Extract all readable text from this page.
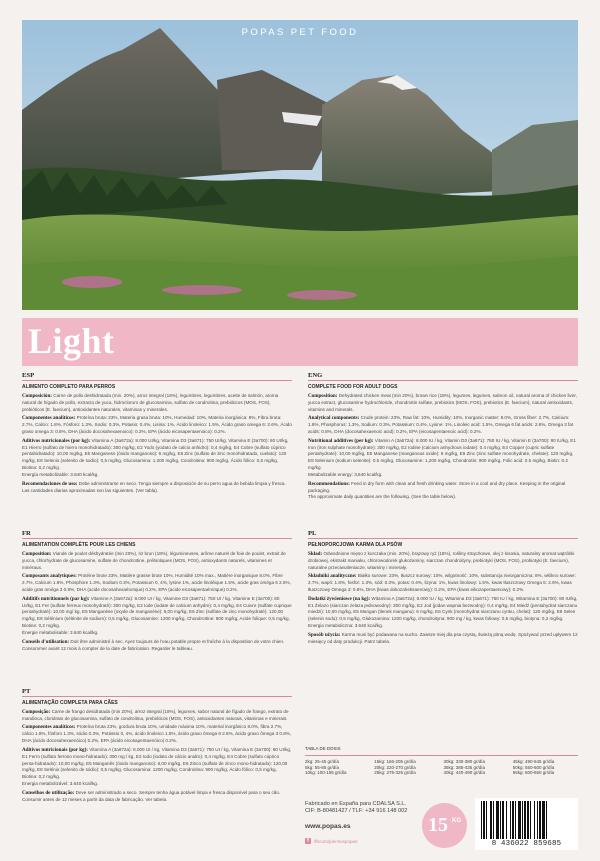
POPAS PET FOOD
Light
ESP
ALIMENTO COMPLETO PARA PERROS

Composición: Carne de pollo deshidratada (min. 20%), arroz integral (18%), legumbres, legumbres, aceite de salmón, aroma natural de hígado de pollo, extracto de yuca, hidrocloruro de glucosamina, sulfato de condroitina, prebióticos (MOS, FOS), prebióticos (E. faecium), antioxidantes naturales, vitaminas y minerales.

Componentes analíticos: Proteína bruta: 23%, Materia grasa bruta: 10%, Humedad: 10%, Materia inorgánica: 8%, Fibra bruta: 2.7%, Calcio: 1.8%, Fósforo: 1.3%, Sodio: 0.3%, Potasio: 0.4%, Lisina: 1%, Ácido linoleico: 1.5%, Ácido graso omega 6: 2.6%, Ácido graso omega 3: 0.8%, DHA (ácido docosahexaenoico): 0.2%, EPA (ácido eicosapentaenoico): 0.2%.

Aditivos nutricionales (por kg): Vitamina A (3a672a): 8.000 UI/kg, Vitamina D3 (3a671): 750 UI/kg, Vitamina E (3a700): 80 UI/kg, E1 Hierro (sulfato de hierro monohidratado): 300 mg/kg, E2 Yodo (yodato de calcio anhidro): 0,4 mg/kg, E4 Cobre (sulfato cúprico pentahidratado): 10,00 mg/kg, E5 Manganeso (óxido manganoso): 6 mg/kg, E6 Zinc (sulfato de zinc monohidratado, cuelato): 120 mg/kg, E8 Selenio (selenito de sodio): 0,5 mg/kg, Glucosamina: 1.200 mg/kg, Condroitina: 900 mg/kg, Ácido fólico: 0,5 mg/kg, Biotina: 0,2 mg/kg.
Energía metabolizable: 3.640 kcal/kg.

Recomendaciones de uso: Debe administrarse en seco. Tenga siempre a disposición de su perro agua de bebida limpia y fresca. Las cantidades diarias aproximadas son las siguientes. (Ver tabla).

ENG
COMPLETE FOOD FOR ADULT DOGS

Composition: Dehydrated chicken meat (min 20%), brown rice (18%), legumes, legumes, salmon oil, natural aroma of chicken liver, yucca extract, glucosamine hydrochloride, chondroitin sulfate, prebiotics (MOS, FOS), prebiotics (E. faecium), natural antioxidants, vitamins and minerals.

Analytical components: Crude protein: 23%, Raw fat: 10%, Humidity: 10%, Inorganic matter: 8.0%, Gross fiber: 2.7%, Calcium: 1.8%, Phosphorus: 1.3%, Sodium: 0.3%, Potassium: 0.4%, Lysine: 1%, Linoleic acid: 1.5%, Omega 6 fat acids: 2.6%, Omega 3 fat acids: 0.8%, DHA (docosahexaenoic acid): 0.2%, EPA (eicosapentaenoic acid): 0.2%.

Nutritional additives (per kg): Vitamin A (3a672a): 8.000 IU / kg, Vitamin D3 (3a671): 750 IU / kg, Vitamin E (3a700): 80 IU/kg, E1 Iron (iron sulphate monohydrate): 300 mg/kg, E2 Iodine (calcium anhydrous iodate): 0.4 mg/kg, E4 Copper (cupric sulfate pentahydrate): 10,00 mg/kg, E5 Manganese (manganous oxide): 6 mg/kg, E6 Zinc (zinc sulfate monohydrate, chelate): 120 mg/kg, E8 Selenium (sodium selenite): 0.5 mg/kg, Glucosamine: 1,200 mg/kg, Chondroitin: 900 mg/kg, Folic acid: 0.5 mg/kg, Biotin: 0.2 mg/kg.
Metabolizable energy: 3,640 kcal/kg.

Recommendations: Feed in dry form with clean and fresh drinking water. Store in a cool and dry place. Keeping in the original packaging.
The approximate daily quantities are the following. (See the table below).

FR
ALIMENTATION COMPLÈTE POUR LES CHIENS

Composition: Viande de poulet déshydratée (min 20%), riz brun (18%), légumineuses, arôme naturel de foie de poulet, extrait de yucca, chlorhydrate de glucosamine, sulfate de chondroïtine, prébiotiques (MOS, FOS), antioxydants naturels, vitamines et minéraux.

Composants analytiques: Protéine brute 23%, Matière grasse brute 10%, Humidité 10% max., Matière inorganique 8.0%, Fibre 2.7%, Calcium 1.8%, Phosphore 1.3%, Sodium 0.3%, Potassium 0, 4%, lysine 1%, acide linoléique 1.5%, acide gras oméga 6 2.6%, acide gras oméga 3 0.8%, DHA (acide docosahexaénoïque) 0.2%, EPA (acide eicosapentaénoïque) 0.2%.

Additifs nutritionnels (par kg): Vitamine A (3a672a): 8.000 UI / kg, Vitamine D3 (3a671): 750 UI / kg, Vitamine E (3a700): 80 UI/kg, E1 Fer (sulfate ferreux monohydraté): 300 mg/kg, E2 Iode (iodate de calcium anhydre): 0,4 mg/kg, E4 Cuivre (sulfate cuprique pentahydraté): 10,00 mg/ kg, E5 Manganèse (oxyde de manganèse): 6,00 mg/kg, E6 Zinc (sulfate de zinc monohydraté): 120,00 mg/kg, E8 Sélénium (sélénite de sodium): 0,5 mg/kg, Glucosamine: 1200 mg/kg, Chondroïtine: 900 mg/kg, Acide folique: 0,5 mg/kg, Biotine: 0,2 mg/kg.
Énergie métabolisable: 3.640 kcal/kg.

Conseils d'utilisation: Doit être administré à sec. Ayez toujours de l'eau potable propre et fraîche à la disposition de votre chien. Consommer avant 12 mois à compter de la date de fabrication. Regarder le tableau.

PL
PEŁNOPORCJOWA KARMA DLA PSÓW

Skład: Odwodnione mięso z kurczaka (min. 20%), brązowy ryż (18%), rośliny strączkowe, olej z łososia, naturalny aromat wątróbki drobiowej, ekstrakt maniaku, chlorowodorek glukozaminy, siarczan chondroityny, prebiotyki (MOS, FOS), probiotyki (E. faecium), naturalne przeciwutleniacze, witaminy i minerały.

Składniki analityczne: Białko surowe: 23%, tłuszcz surowy: 10%, wilgotność: 10%, substancja nieorganiczna: 8%, włókno surowe: 2.7%, wapń: 1.8%, fosfor: 1.3%, sód: 0.3%, potas: 0.4%, lizyna: 1%, kwas linolowy: 1.5%, kwas tłuszczowy Omega 6: 2.6%, kwas tłuszczowy Omega 3: 0.8%, DHA (kwas dokozaheksaenowy): 0.2%, EPA (kwas eikozapentaenowy): 0.2%.

Dodatki żywieniowe (na kg): Witamina A (3a672a): 8.000 IU / kg, Witamina D3 (3a671): 750 IU / kg, Witamina E (3a700): 80 IU/kg, E1 Żelazo (siarczan żelaza jednowodny): 300 mg/kg, E2 Jod (jodan wapnia bezwodny): 0,4 mg/kg, E4 Miedź (pentahydrat siarczanu miedzi): 10,00 mg/kg, E5 Mangan (tlenek manganu): 6 mg/kg, E6 Cynk (monohydrat siarczanu cynku, chelat): 120 mg/kg, E8 Selen (selenin sodu): 0,5 mg/kg, Glukozamina: 1200 mg/kg, chondroityna: 900 mg / kg, kwas foliowy: 0,5 mg/kg, biotyna: 0,2 mg/kg.
Energia metaboliczna: 3.640 kcal/kg.

Sposób użycia: Karma musi być podawana na sucho. Zawsze miej dla psa czystą, świeżą pitną wodę. Spożywać przed upływem 12 miesięcy od daty produkcji. Patrz tabela.

PT
ALIMENTAÇÃO COMPLETA PARA CÃES

Composição: Carne de frango desidratada (min 20%), arroz integral (18%), legumes, sabor natural de fígado de frango, extrato de mandioca, cloridrato de glucosamina, sulfato de condroitina, prebióticos (MOS, FOS), antioxidantes naturais, vitaminas e minerais.

Componentes analíticos: Proteína bruta 23%, gordura bruta 10%, umidade máxima 10%, material inorgânico 8.0%, fibra 2.7%, cálcio 1.8%, fósforo 1.3%, sódio 0.3%, Potássio 0, 4%, ácido linoleico 1.5%, ácido graxo ômega 6 2.6%, ácido graxo ômega 3 0.8%, DHA (ácido docosahexaenóico) 0.2%, EPA (ácido eicosapentaenóico) 0.2%.

Aditivos nutricionais (por kg): Vitamina A (3a672a): 8.000 UI / kg, Vitamina D3 (3a671): 750 UI / kg, Vitamina E (3a700): 80 UI/kg, E1 Ferro (sulfato ferroso mono-hidratado): 300 mg / kg, E2 Iodo (iodato de cálcio anidro): 0,4 mg/kg, E4 Cobre (sulfato cúprico penta-hidratado): 10,00 mg/kg, E5 Manganês (óxido manganoso): 6,00 mg/kg, E6 Zinco (sulfato de zinco mono-hidratado): 120,00 mg/kg, E8 Selénio (selenito de sódio): 0,5 mg/kg, Glucosamina: 1200 mg/kg, Condroitina: 900 mg/kg, Ácido fólico: 0,5 mg/kg, Biotina: 0,2 mg/kg.
Energia metabolizável: 3.640 kcal/kg.

Conselhos de utilização: Deve ser administrado a seco. Sempre tenha água potável limpa e fresca disponível para o seu cão. Consumir antes de 12 meses a partir da data de fabricação. Ver tabela.

TABLA DE DOSIS
2kg: 25-45 gr/día	15kg: 166-205 gr/día	30kg: 330-380 gr/día	45kg: 490-545 gr/día
5kg: 55-85 gr/día	20kg: 220-270 gr/día	35kg: 385-435 gr/día	50kg: 550-600 gr/día
10kg: 100-155 gr/día	25kg: 275-325 gr/día	40kg: 440-490 gr/día	55kg: 600-650 gr/día
Fabricado en España para CDALSA S.L.
CIF: B-80481427 / TLF: +34 916 148 002
www.popas.es
f	/fbcom/piensospopas
15 KG
8 436022 859685
